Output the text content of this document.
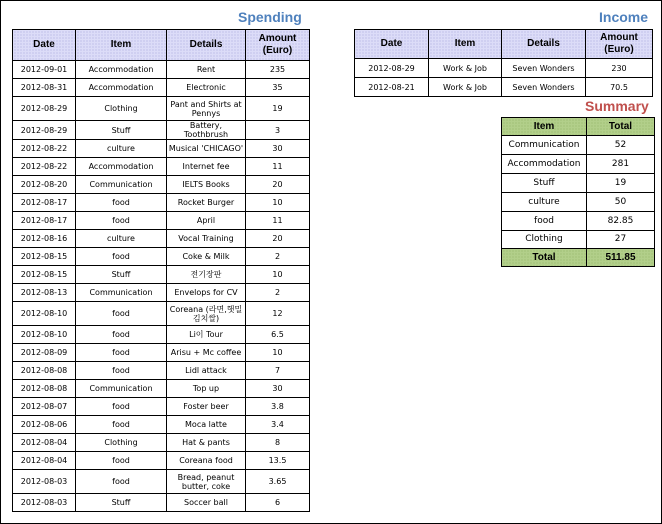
Spending
Date	Item	Details	Amount (Euro)
2012-09-01	Accommodation	Rent	235
2012-08-31	Accommodation	Electronic	35
2012-08-29	Clothing	Pant and Shirts at Pennys	19
2012-08-29	Stuff	Battery, Toothbrush	3
2012-08-22	culture	Musical 'CHICAGO'	30
2012-08-22	Accommodation	Internet fee	11
2012-08-20	Communication	IELTS Books	20
2012-08-17	food	Rocket Burger	10
2012-08-17	food	April	11
2012-08-16	culture	Vocal Training	20
2012-08-15	food	Coke & Milk	2
2012-08-15	Stuff	전기장판	10
2012-08-13	Communication	Envelops for CV	2
2012-08-10	food	Coreana (라면,햇밀김치쌀)	12
2012-08-10	food	Li이 Tour	6.5
2012-08-09	food	Arisu + Mc coffee	10
2012-08-08	food	Lidl attack	7
2012-08-08	Communication	Top up	30
2012-08-07	food	Foster beer	3.8
2012-08-06	food	Moca latte	3.4
2012-08-04	Clothing	Hat & pants	8
2012-08-04	food	Coreana food	13.5
2012-08-03	food	Bread, peanut butter, coke	3.65
2012-08-03	Stuff	Soccer ball	6
Income
Date	Item	Details	Amount (Euro)
2012-08-29	Work & Job	Seven Wonders	230
2012-08-21	Work & Job	Seven Wonders	70.5
Summary
Item	Total
Communication	52
Accommodation	281
Stuff	19
culture	50
food	82.85
Clothing	27
Total	511.85
